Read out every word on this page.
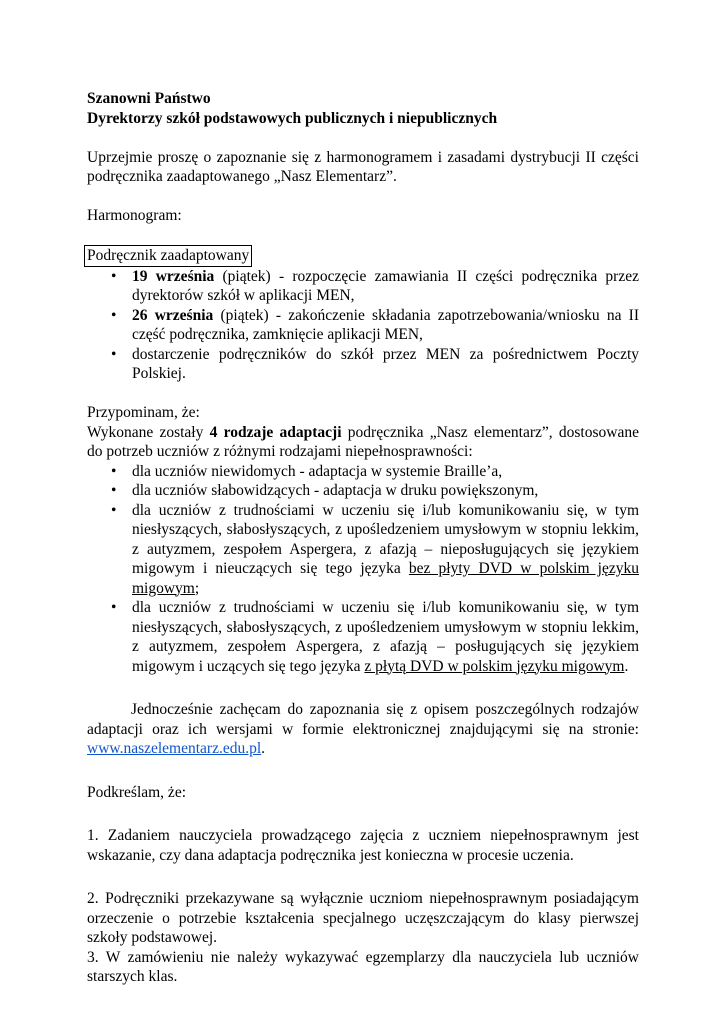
Szanowni Państwo

Dyrektorzy szkół podstawowych publicznych i niepublicznych

Uprzejmie proszę o zapoznanie się z harmonogramem i zasadami dystrybucji II części podręcznika zaadaptowanego „Nasz Elementarz”.

Harmonogram:

Podręcznik zaadaptowany

• 19 września (piątek) - rozpoczęcie zamawiania II części podręcznika przez dyrektorów szkół w aplikacji MEN,
• 26 września (piątek) - zakończenie składania zapotrzebowania/wniosku na II część podręcznika, zamknięcie aplikacji MEN,
• dostarczenie podręczników do szkół przez MEN za pośrednictwem Poczty Polskiej.

Przypominam, że:

Wykonane zostały 4 rodzaje adaptacji podręcznika „Nasz elementarz”, dostosowane do potrzeb uczniów z różnymi rodzajami niepełnosprawności:

• dla uczniów niewidomych - adaptacja w systemie Braille’a,
• dla uczniów słabowidzących - adaptacja w druku powiększonym,
• dla uczniów z trudnościami w uczeniu się i/lub komunikowaniu się, w tym niesłyszących, słabosłyszących, z upośledzeniem umysłowym w stopniu lekkim, z autyzmem, zespołem Aspergera, z afazją – nieposługujących się językiem migowym i nieuczących się tego języka bez płyty DVD w polskim języku migowym;
• dla uczniów z trudnościami w uczeniu się i/lub komunikowaniu się, w tym niesłyszących, słabosłyszących, z upośledzeniem umysłowym w stopniu lekkim, z autyzmem, zespołem Aspergera, z afazją – posługujących się językiem migowym i uczących się tego języka z płytą DVD w polskim języku migowym.

Jednocześnie zachęcam do zapoznania się z opisem poszczególnych rodzajów adaptacji oraz ich wersjami w formie elektronicznej znajdującymi się na stronie: www.naszelementarz.edu.pl.

Podkreślam, że:

1. Zadaniem nauczyciela prowadzącego zajęcia z uczniem niepełnosprawnym jest wskazanie, czy dana adaptacja podręcznika jest konieczna w procesie uczenia.

2. Podręczniki przekazywane są wyłącznie uczniom niepełnosprawnym posiadającym orzeczenie o potrzebie kształcenia specjalnego uczęszczającym do klasy pierwszej szkoły podstawowej.

3. W zamówieniu nie należy wykazywać egzemplarzy dla nauczyciela lub uczniów starszych klas.
